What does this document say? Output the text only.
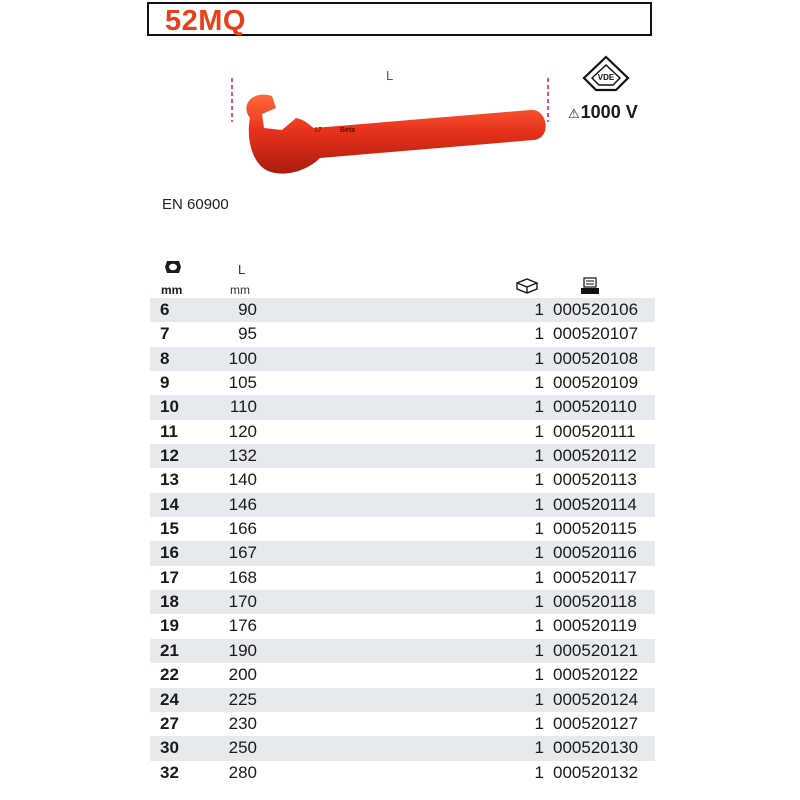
52MQ
L
17	Beta
VDE
⚠1000 V
EN 60900
L
mm	mm
6	90	1 000520106
7	95	1 000520107
8	100	1 000520108
9	105	1 000520109
10	110	1 000520110
11	120	1 000520111
12	132	1 000520112
13	140	1 000520113
14	146	1 000520114
15	166	1 000520115
16	167	1 000520116
17	168	1 000520117
18	170	1 000520118
19	176	1 000520119
21	190	1 000520121
22	200	1 000520122
24	225	1 000520124
27	230	1 000520127
30	250	1 000520130
32	280	1 000520132
